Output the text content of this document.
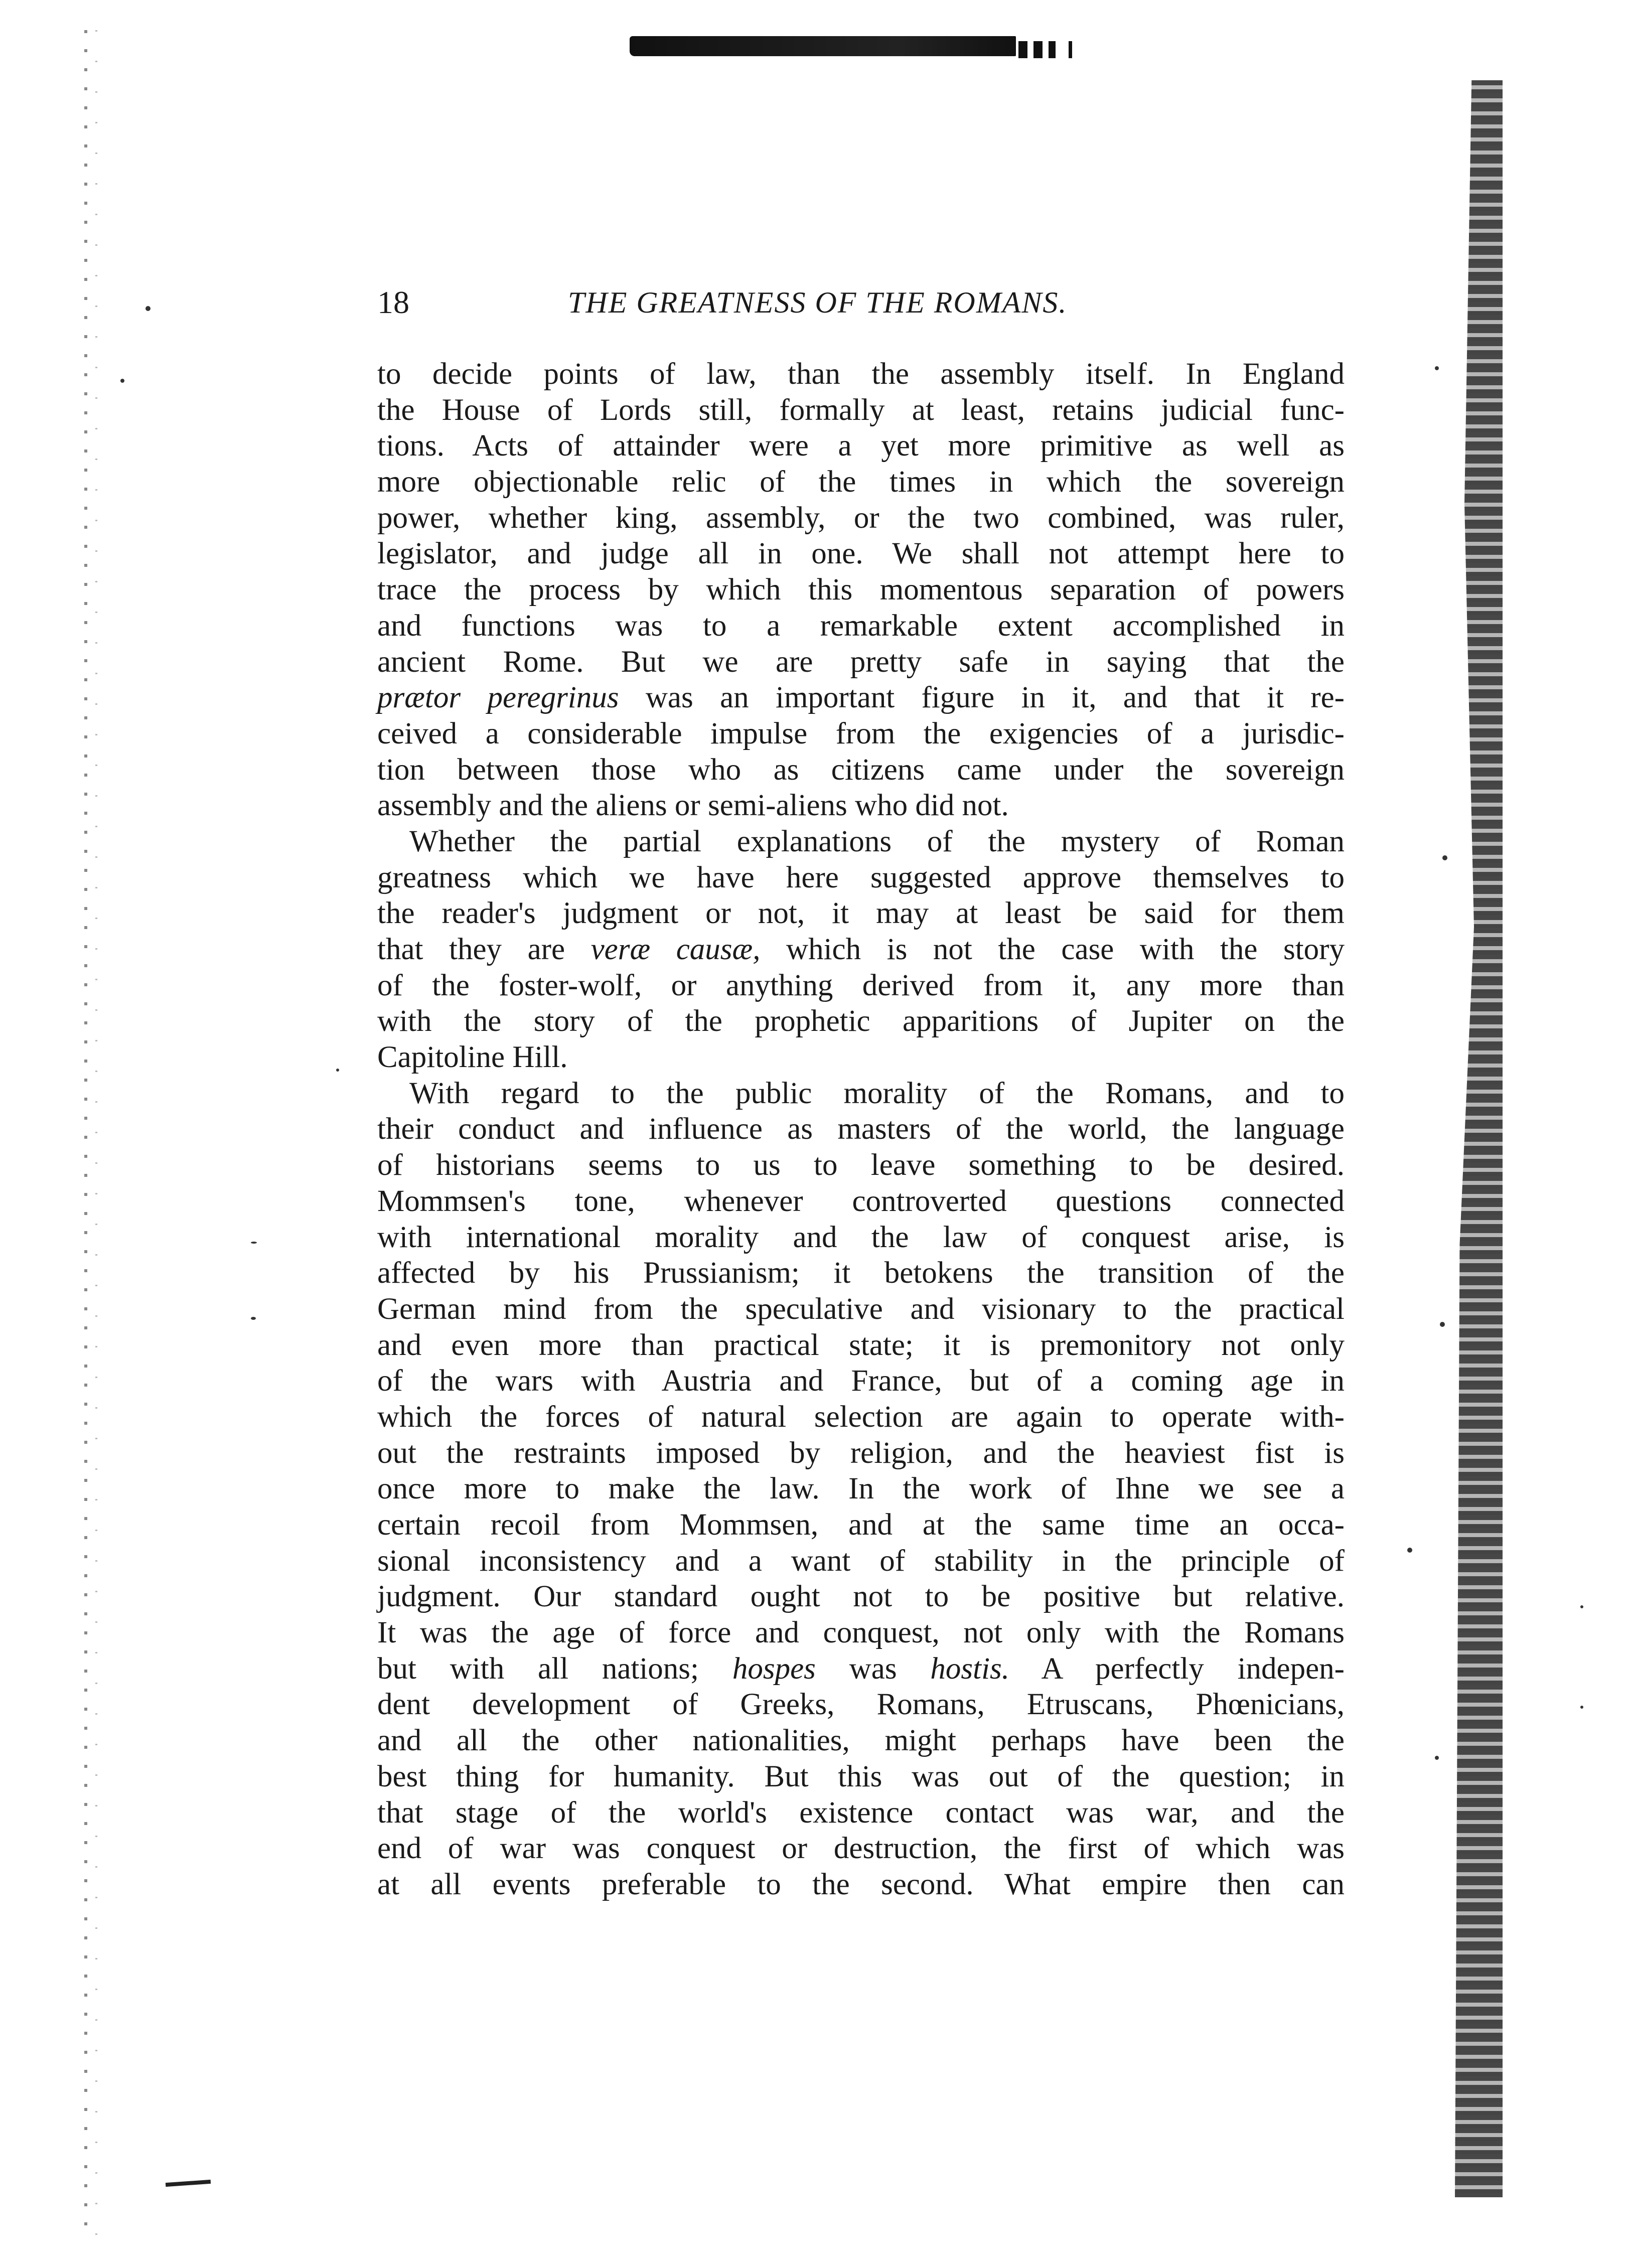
18	THE GREATNESS OF THE ROMANS.
to decide points of law, than the assembly itself. In England
the House of Lords still, formally at least, retains judicial func-
tions. Acts of attainder were a yet more primitive as well as
more objectionable relic of the times in which the sovereign
power, whether king, assembly, or the two combined, was ruler,
legislator, and judge all in one. We shall not attempt here to
trace the process by which this momentous separation of powers
and functions was to a remarkable extent accomplished in
ancient Rome. But we are pretty safe in saying that the
prætor peregrinus was an important figure in it, and that it re-
ceived a considerable impulse from the exigencies of a jurisdic-
tion between those who as citizens came under the sovereign
assembly and the aliens or semi-aliens who did not.
Whether the partial explanations of the mystery of Roman
greatness which we have here suggested approve themselves to
the reader's judgment or not, it may at least be said for them
that they are veræ causæ, which is not the case with the story
of the foster-wolf, or anything derived from it, any more than
with the story of the prophetic apparitions of Jupiter on the
Capitoline Hill.
With regard to the public morality of the Romans, and to
their conduct and influence as masters of the world, the language
of historians seems to us to leave something to be desired.
Mommsen's tone, whenever controverted questions connected
with international morality and the law of conquest arise, is
affected by his Prussianism; it betokens the transition of the
German mind from the speculative and visionary to the practical
and even more than practical state; it is premonitory not only
of the wars with Austria and France, but of a coming age in
which the forces of natural selection are again to operate with-
out the restraints imposed by religion, and the heaviest fist is
once more to make the law. In the work of Ihne we see a
certain recoil from Mommsen, and at the same time an occa-
sional inconsistency and a want of stability in the principle of
judgment. Our standard ought not to be positive but relative.
It was the age of force and conquest, not only with the Romans
but with all nations; hospes was hostis. A perfectly indepen-
dent development of Greeks, Romans, Etruscans, Phœnicians,
and all the other nationalities, might perhaps have been the
best thing for humanity. But this was out of the question; in
that stage of the world's existence contact was war, and the
end of war was conquest or destruction, the first of which was
at all events preferable to the second. What empire then can
